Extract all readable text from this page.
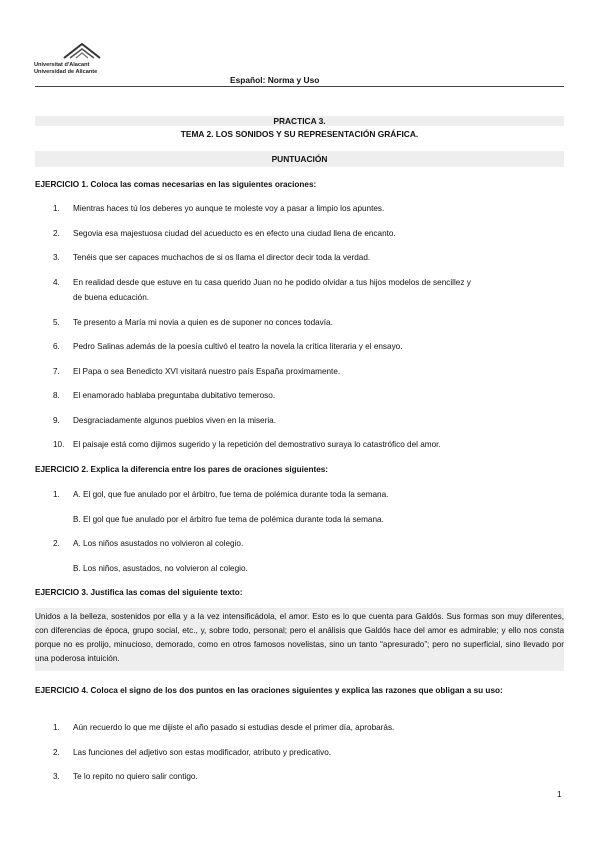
Universitat d'Alacant
Universidad de Alicante
Español: Norma y Uso
PRACTICA 3.
TEMA 2. LOS SONIDOS Y SU REPRESENTACIÓN GRÁFICA.
PUNTUACIÓN
EJERCICIO 1. Coloca las comas necesarias en las siguientes oraciones:
1. Mientras haces tú los deberes yo aunque te moleste voy a pasar a limpio los apuntes.
2. Segovia esa majestuosa ciudad del acueducto es en efecto una ciudad llena de encanto.
3. Tenéis que ser capaces muchachos de si os llama el director decir toda la verdad.
4. En realidad desde que estuve en tu casa querido Juan no he podido olvidar a tus hijos modelos de sencillez y
de buena educación.
5. Te presento a María mi novia a quien es de suponer no conces todavía.
6. Pedro Salinas además de la poesía cultivó el teatro la novela la crítica literaria y el ensayo.
7. El Papa o sea Benedicto XVI visitará nuestro país España proximamente.
8. El enamorado hablaba preguntaba dubitativo temeroso.
9. Desgraciadamente algunos pueblos viven en la miseria.
10. El paisaje está como dijimos sugerido y la repetición del demostrativo suraya lo catastrófico del amor.
EJERCICIO 2. Explica la diferencia entre los pares de oraciones siguientes:
1. A. El gol, que fue anulado por el árbitro, fue tema de polémica durante toda la semana.
B. El gol que fue anulado por el árbitro fue tema de polémica durante toda la semana.
2. A. Los niños asustados no volvieron al colegio.
B. Los niños, asustados, no volvieron al colegio.
EJERCICIO 3. Justifica las comas del siguiente texto:
Unidos a la belleza, sostenidos por ella y a la vez intensificádola, el amor. Esto es lo que cuenta para Galdós. Sus formas son muy diferentes, con diferencias de época, grupo social, etc., y, sobre todo, personal; pero el análisis que Galdós hace del amor es admirable; y ello nos consta porque no es prolijo, minucioso, demorado, como en otros famosos novelistas, sino un tanto “apresurado”; pero no superficial, sino llevado por una poderosa intuición.
EJERCICIO 4. Coloca el signo de los dos puntos en las oraciones siguientes y explica las razones que obligan a su uso:
1. Aún recuerdo lo que me dijiste el año pasado si estudias desde el primer día, aprobarás.
2. Las funciones del adjetivo son estas modificador, atributo y predicativo.
3. Te lo repito no quiero salir contigo.
1
